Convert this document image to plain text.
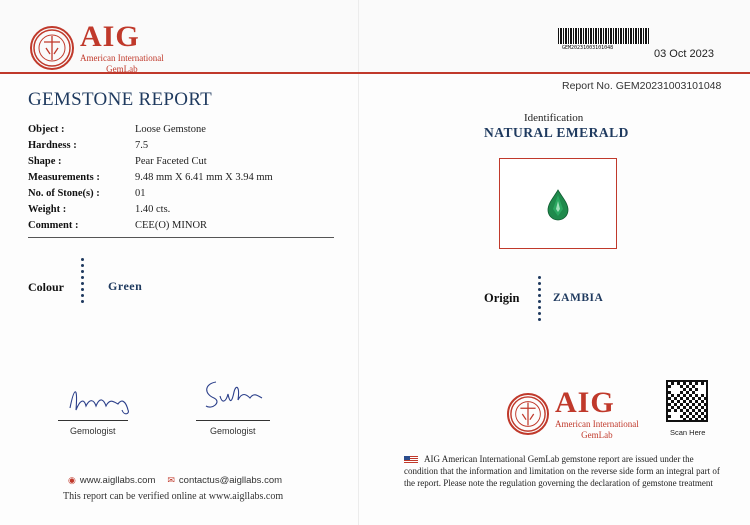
AIG
American International
GemLab
GEM20231003101048	03 Oct 2023
Report No. GEM20231003101048
GEMSTONE REPORT
Object :	Loose Gemstone
Hardness :	7.5
Shape :	Pear Faceted Cut
Measurements :	9.48 mm X 6.41 mm X 3.94 mm
No. of Stone(s) :	01
Weight :	1.40 cts.
Comment :	CEE(O) MINOR
Colour	Green
Gemologist	Gemologist
◉ www.aigllabs.com ✉ contactus@aigllabs.com
This report can be verified online at www.aigllabs.com
Identification
NATURAL EMERALD
Origin	ZAMBIA
AIG
American International
GemLab	Scan Here
AIG American International GemLab gemstone report are issued under the condition that the information and limitation on the reverse side form an integral part of the report. Please note the regulation governing the declaration of gemstone treatment
